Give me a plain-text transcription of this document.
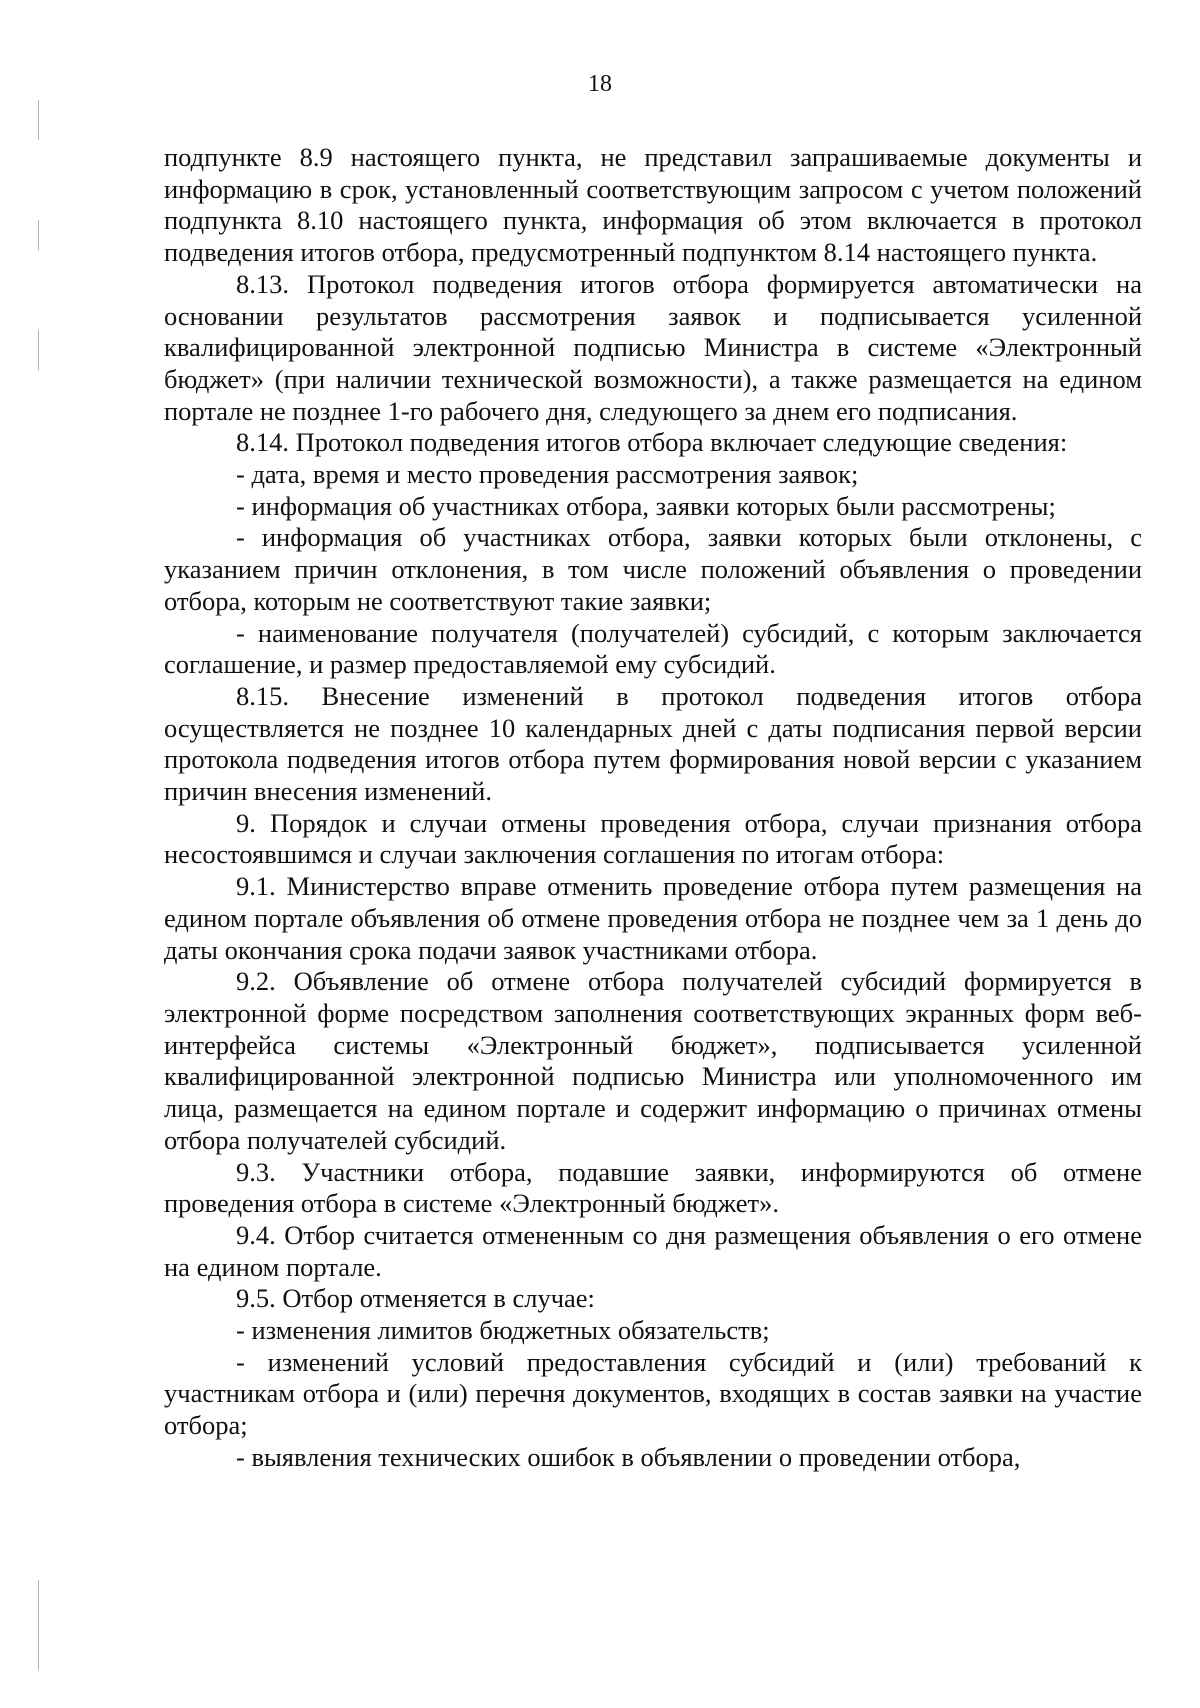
18

подпункте 8.9 настоящего пункта, не представил запрашиваемые документы и информацию в срок, установленный соответствующим запросом с учетом положений подпункта 8.10 настоящего пункта, информация об этом включается в протокол подведения итогов отбора, предусмотренный подпунктом 8.14 настоящего пункта.

8.13. Протокол подведения итогов отбора формируется автоматически на основании результатов рассмотрения заявок и подписывается усиленной квалифицированной электронной подписью Министра в системе «Электронный бюджет» (при наличии технической возможности), а также размещается на едином портале не позднее 1-го рабочего дня, следующего за днем его подписания.

8.14. Протокол подведения итогов отбора включает следующие сведения:

- дата, время и место проведения рассмотрения заявок;

- информация об участниках отбора, заявки которых были рассмотрены;

- информация об участниках отбора, заявки которых были отклонены, с указанием причин отклонения, в том числе положений объявления о проведении отбора, которым не соответствуют такие заявки;

- наименование получателя (получателей) субсидий, с которым заключается соглашение, и размер предоставляемой ему субсидий.

8.15. Внесение изменений в протокол подведения итогов отбора осуществляется не позднее 10 календарных дней с даты подписания первой версии протокола подведения итогов отбора путем формирования новой версии с указанием причин внесения изменений.

9. Порядок и случаи отмены проведения отбора, случаи признания отбора несостоявшимся и случаи заключения соглашения по итогам отбора:

9.1. Министерство вправе отменить проведение отбора путем размещения на едином портале объявления об отмене проведения отбора не позднее чем за 1 день до даты окончания срока подачи заявок участниками отбора.

9.2. Объявление об отмене отбора получателей субсидий формируется в электронной форме посредством заполнения соответствующих экранных форм веб-интерфейса системы «Электронный бюджет», подписывается усиленной квалифицированной электронной подписью Министра или уполномоченного им лица, размещается на едином портале и содержит информацию о причинах отмены отбора получателей субсидий.

9.3. Участники отбора, подавшие заявки, информируются об отмене проведения отбора в системе «Электронный бюджет».

9.4. Отбор считается отмененным со дня размещения объявления о его отмене на едином портале.

9.5. Отбор отменяется в случае:

- изменения лимитов бюджетных обязательств;

- изменений условий предоставления субсидий и (или) требований к участникам отбора и (или) перечня документов, входящих в состав заявки на участие отбора;

- выявления технических ошибок в объявлении о проведении отбора,
